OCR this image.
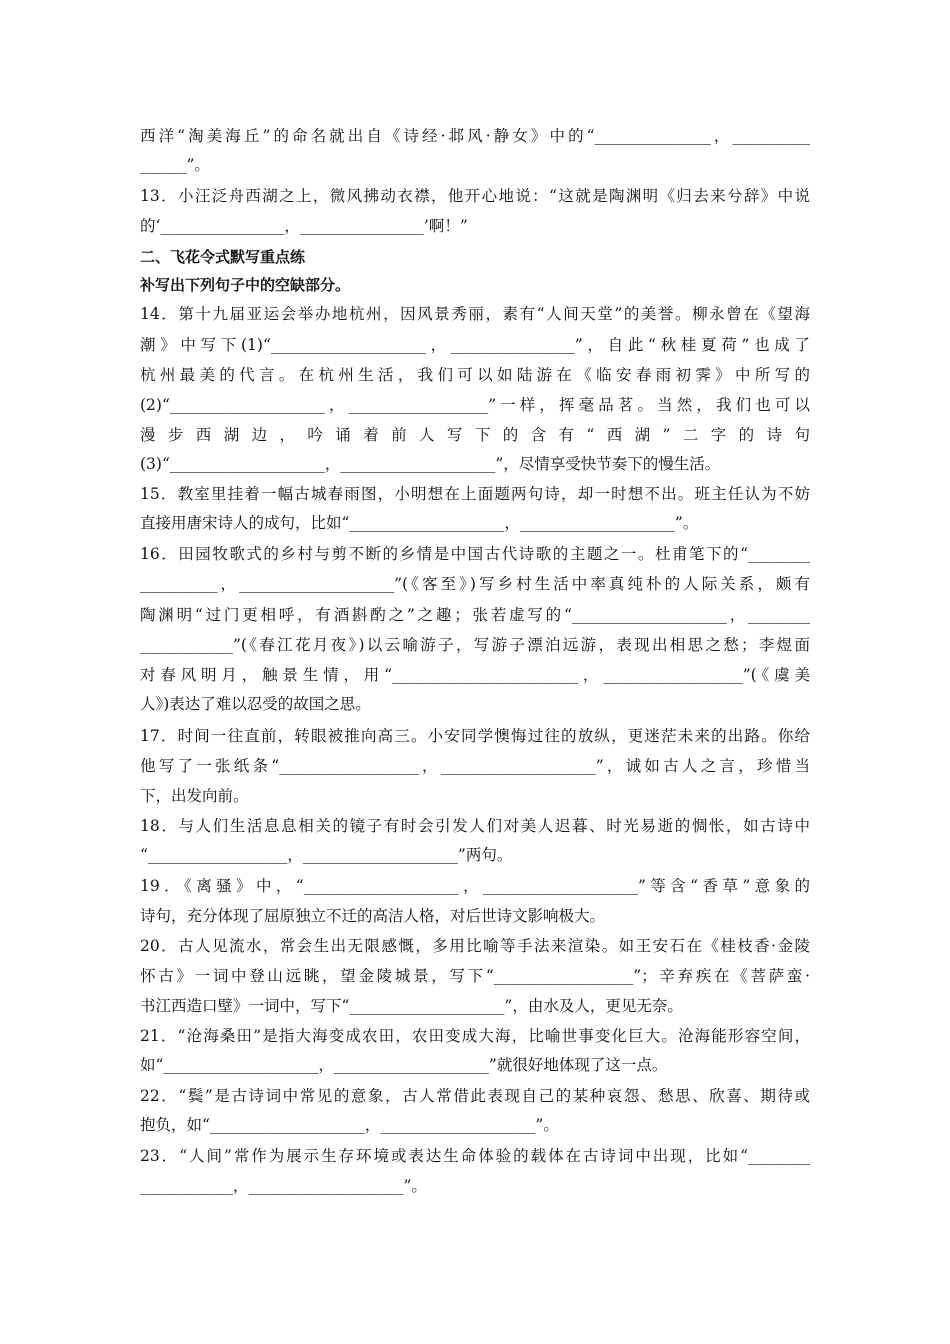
西洋“淘美海丘”的命名就出自《诗经·邶风·静女》中的“_______________，__________
______”。
13．小汪泛舟西湖之上，微风拂动衣襟，他开心地说：“这就是陶渊明《归去来兮辞》中说
的‘________________，________________’啊！”
二、飞花令式默写重点练
补写出下列句子中的空缺部分。
14．第十九届亚运会举办地杭州，因风景秀丽，素有“人间天堂”的美誉。柳永曾在《望海
潮》中写下(1)“____________________，________________”，自此“秋桂夏荷”也成了
杭州最美的代言。在杭州生活，我们可以如陆游在《临安春雨初霁》中所写的
(2)“____________________，__________________”一样，挥毫品茗。当然，我们也可以
漫步西湖边，吟诵着前人写下的含有“西湖”二字的诗句
(3)“____________________，____________________”，尽情享受快节奏下的慢生活。
15．教室里挂着一幅古城春雨图，小明想在上面题两句诗，却一时想不出。班主任认为不妨
直接用唐宋诗人的成句，比如“____________________，____________________”。
16．田园牧歌式的乡村与剪不断的乡情是中国古代诗歌的主题之一。杜甫笔下的“________
__________，____________________”(《客至》)写乡村生活中率真纯朴的人际关系，颇有
陶渊明“过门更相呼，有酒斟酌之”之趣；张若虚写的“____________________，________
____________”(《春江花月夜》)以云喻游子，写游子漂泊远游，表现出相思之愁；李煜面
对春风明月，触景生情，用“________________________，__________________”(《虞美
人》)表达了难以忍受的故国之思。
17．时间一往直前，转眼被推向高三。小安同学懊悔过往的放纵，更迷茫未来的出路。你给
他写了一张纸条“__________________，____________________”，诚如古人之言，珍惜当
下，出发向前。
18．与人们生活息息相关的镜子有时会引发人们对美人迟暮、时光易逝的惆怅，如古诗中
“__________________，____________________”两句。
19．《离骚》中，“____________________，____________________”等含“香草”意象的
诗句，充分体现了屈原独立不迁的高洁人格，对后世诗文影响极大。
20．古人见流水，常会生出无限感慨，多用比喻等手法来渲染。如王安石在《桂枝香·金陵
怀古》一词中登山远眺，望金陵城景，写下“__________________”；辛弃疾在《菩萨蛮·
书江西造口壁》一词中，写下“____________________”，由水及人，更见无奈。
21．“沧海桑田”是指大海变成农田，农田变成大海，比喻世事变化巨大。沧海能形容空间，
如“____________________，____________________”就很好地体现了这一点。
22．“鬓”是古诗词中常见的意象，古人常借此表现自己的某种哀怨、愁思、欣喜、期待或
抱负，如“____________________，____________________”。
23．“人间”常作为展示生存环境或表达生命体验的载体在古诗词中出现，比如“________
____________，____________________”。
